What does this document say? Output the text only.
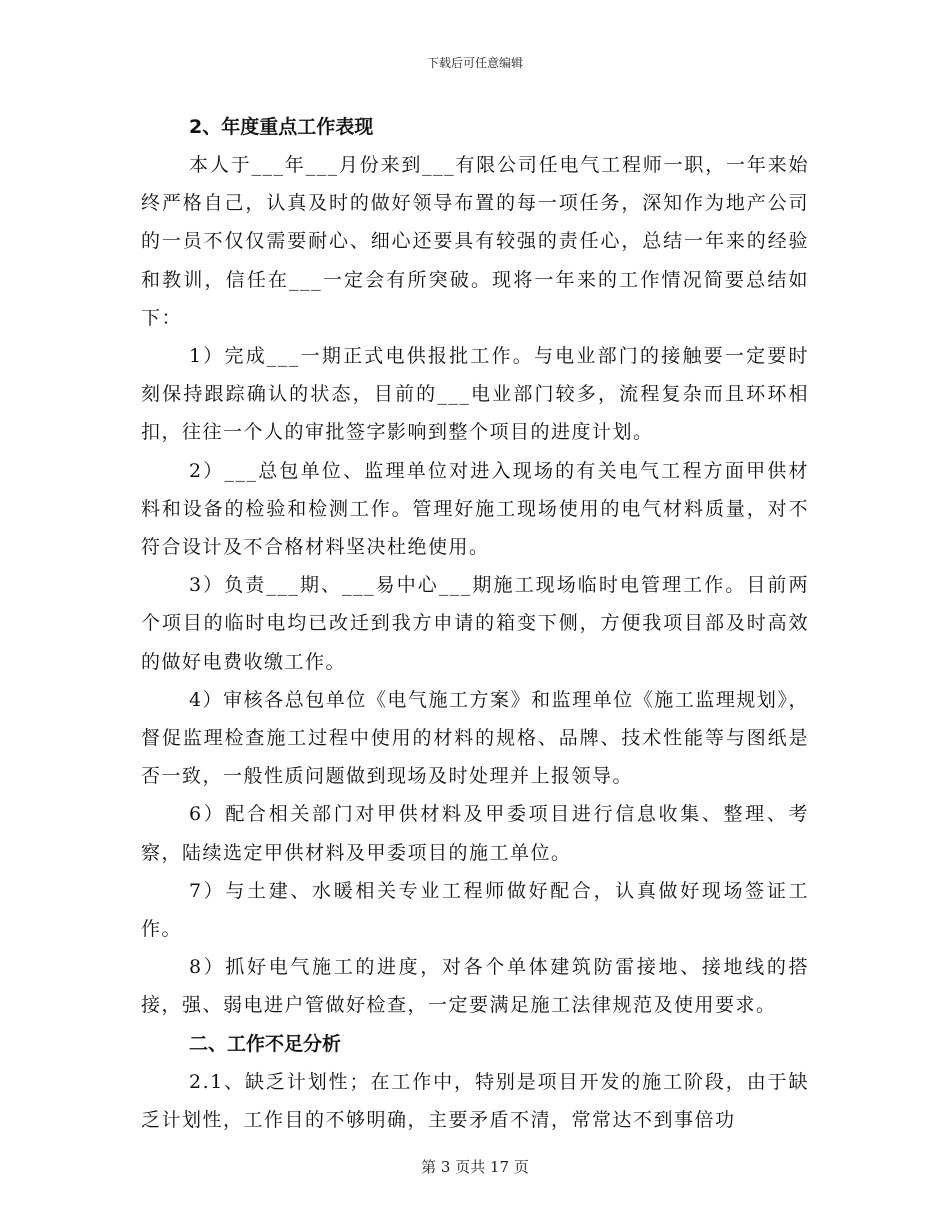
下载后可任意编辑
2、年度重点工作表现

本人于___年___月份来到___有限公司任电气工程师一职，一年来始终严格自己，认真及时的做好领导布置的每一项任务，深知作为地产公司的一员不仅仅需要耐心、细心还要具有较强的责任心，总结一年来的经验和教训，信任在___一定会有所突破。现将一年来的工作情况简要总结如下：

1）完成___一期正式电供报批工作。与电业部门的接触要一定要时刻保持跟踪确认的状态，目前的___电业部门较多，流程复杂而且环环相扣，往往一个人的审批签字影响到整个项目的进度计划。

2）___总包单位、监理单位对进入现场的有关电气工程方面甲供材料和设备的检验和检测工作。管理好施工现场使用的电气材料质量，对不符合设计及不合格材料坚决杜绝使用。

3）负责___期、___易中心___期施工现场临时电管理工作。目前两个项目的临时电均已改迁到我方申请的箱变下侧，方便我项目部及时高效的做好电费收缴工作。

4）审核各总包单位《电气施工方案》和监理单位《施工监理规划》，督促监理检查施工过程中使用的材料的规格、品牌、技术性能等与图纸是否一致，一般性质问题做到现场及时处理并上报领导。

6）配合相关部门对甲供材料及甲委项目进行信息收集、整理、考察，陆续选定甲供材料及甲委项目的施工单位。

7）与土建、水暖相关专业工程师做好配合，认真做好现场签证工作。

8）抓好电气施工的进度，对各个单体建筑防雷接地、接地线的搭接，强、弱电进户管做好检查，一定要满足施工法律规范及使用要求。

二、工作不足分析

2.1、缺乏计划性；在工作中，特别是项目开发的施工阶段，由于缺乏计划性，工作目的不够明确，主要矛盾不清，常常达不到事倍功

第 3 页共 17 页
